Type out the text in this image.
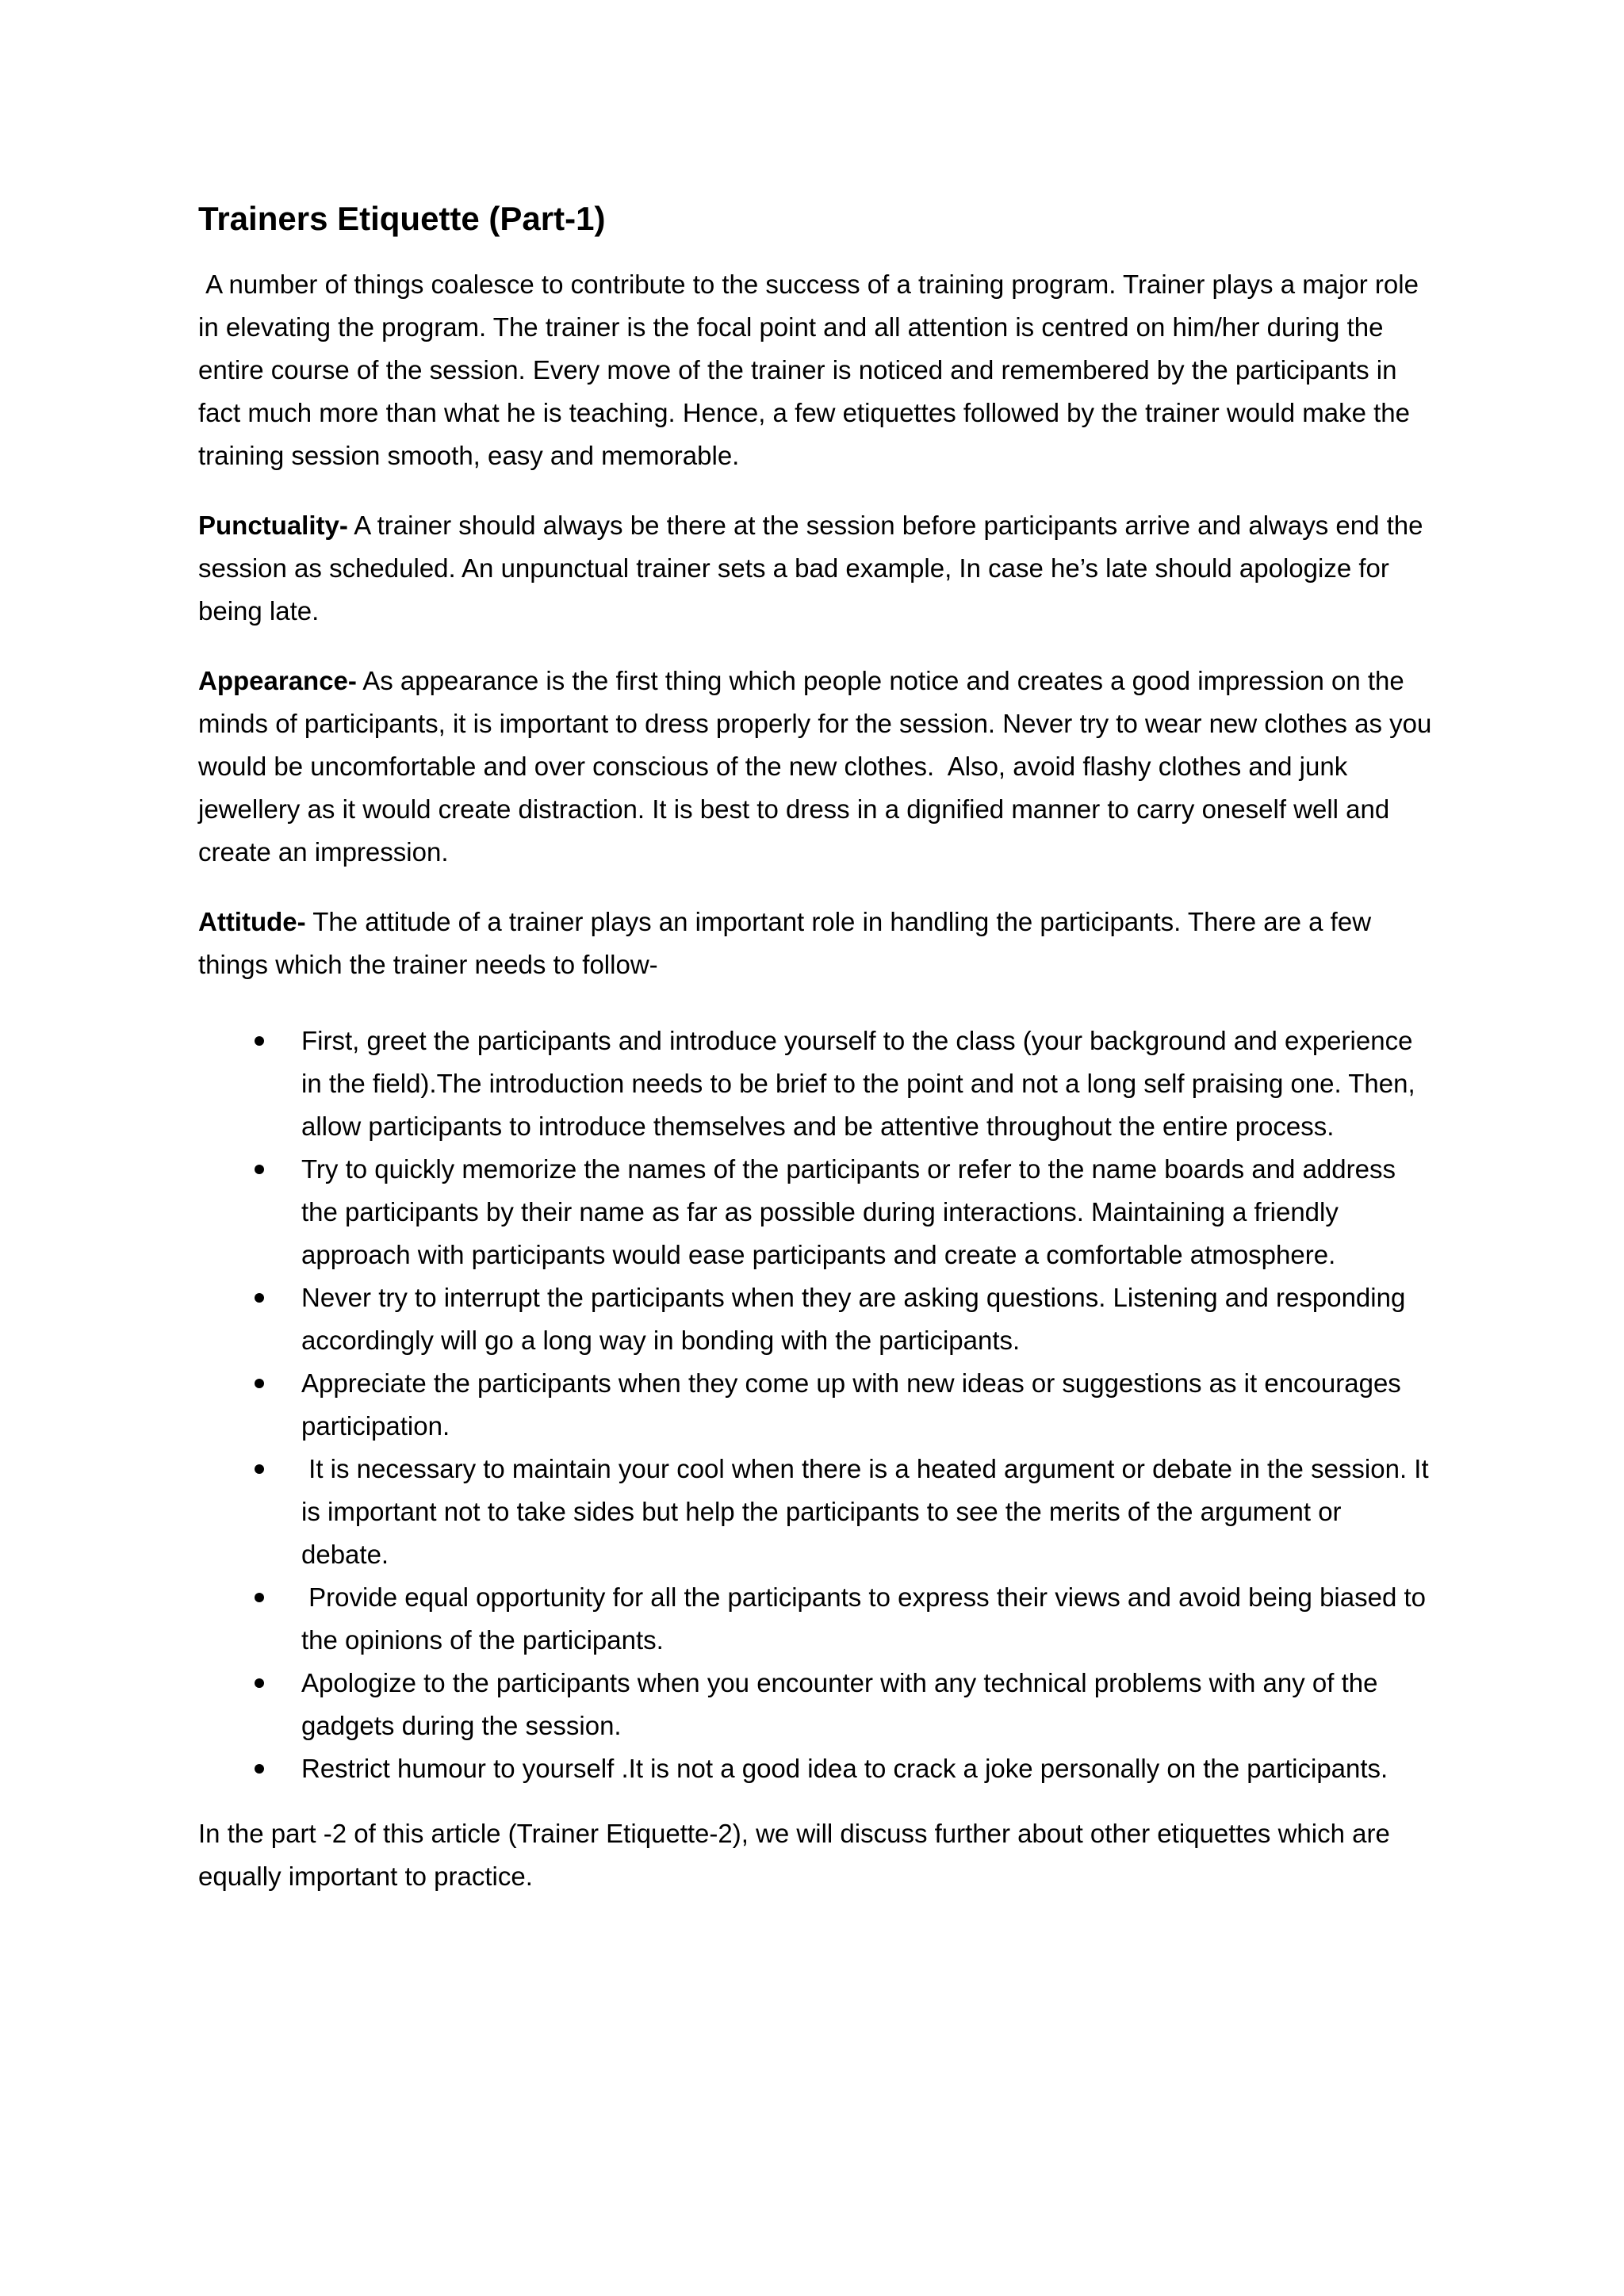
Trainers Etiquette (Part-1)

A number of things coalesce to contribute to the success of a training program. Trainer plays a major role in elevating the program. The trainer is the focal point and all attention is centred on him/her during the entire course of the session. Every move of the trainer is noticed and remembered by the participants in fact much more than what he is teaching. Hence, a few etiquettes followed by the trainer would make the training session smooth, easy and memorable.

Punctuality- A trainer should always be there at the session before participants arrive and always end the session as scheduled. An unpunctual trainer sets a bad example, In case he’s late should apologize for being late.

Appearance- As appearance is the first thing which people notice and creates a good impression on the minds of participants, it is important to dress properly for the session. Never try to wear new clothes as you would be uncomfortable and over conscious of the new clothes.  Also, avoid flashy clothes and junk jewellery as it would create distraction. It is best to dress in a dignified manner to carry oneself well and create an impression.

Attitude- The attitude of a trainer plays an important role in handling the participants. There are a few things which the trainer needs to follow-

First, greet the participants and introduce yourself to the class (your background and experience in the field).The introduction needs to be brief to the point and not a long self praising one. Then, allow participants to introduce themselves and be attentive throughout the entire process.
Try to quickly memorize the names of the participants or refer to the name boards and address the participants by their name as far as possible during interactions. Maintaining a friendly approach with participants would ease participants and create a comfortable atmosphere.
Never try to interrupt the participants when they are asking questions. Listening and responding accordingly will go a long way in bonding with the participants.
Appreciate the participants when they come up with new ideas or suggestions as it encourages participation.
It is necessary to maintain your cool when there is a heated argument or debate in the session. It is important not to take sides but help the participants to see the merits of the argument or debate.
Provide equal opportunity for all the participants to express their views and avoid being biased to the opinions of the participants.
Apologize to the participants when you encounter with any technical problems with any of the gadgets during the session.
Restrict humour to yourself .It is not a good idea to crack a joke personally on the participants.

In the part -2 of this article (Trainer Etiquette-2), we will discuss further about other etiquettes which are equally important to practice.
